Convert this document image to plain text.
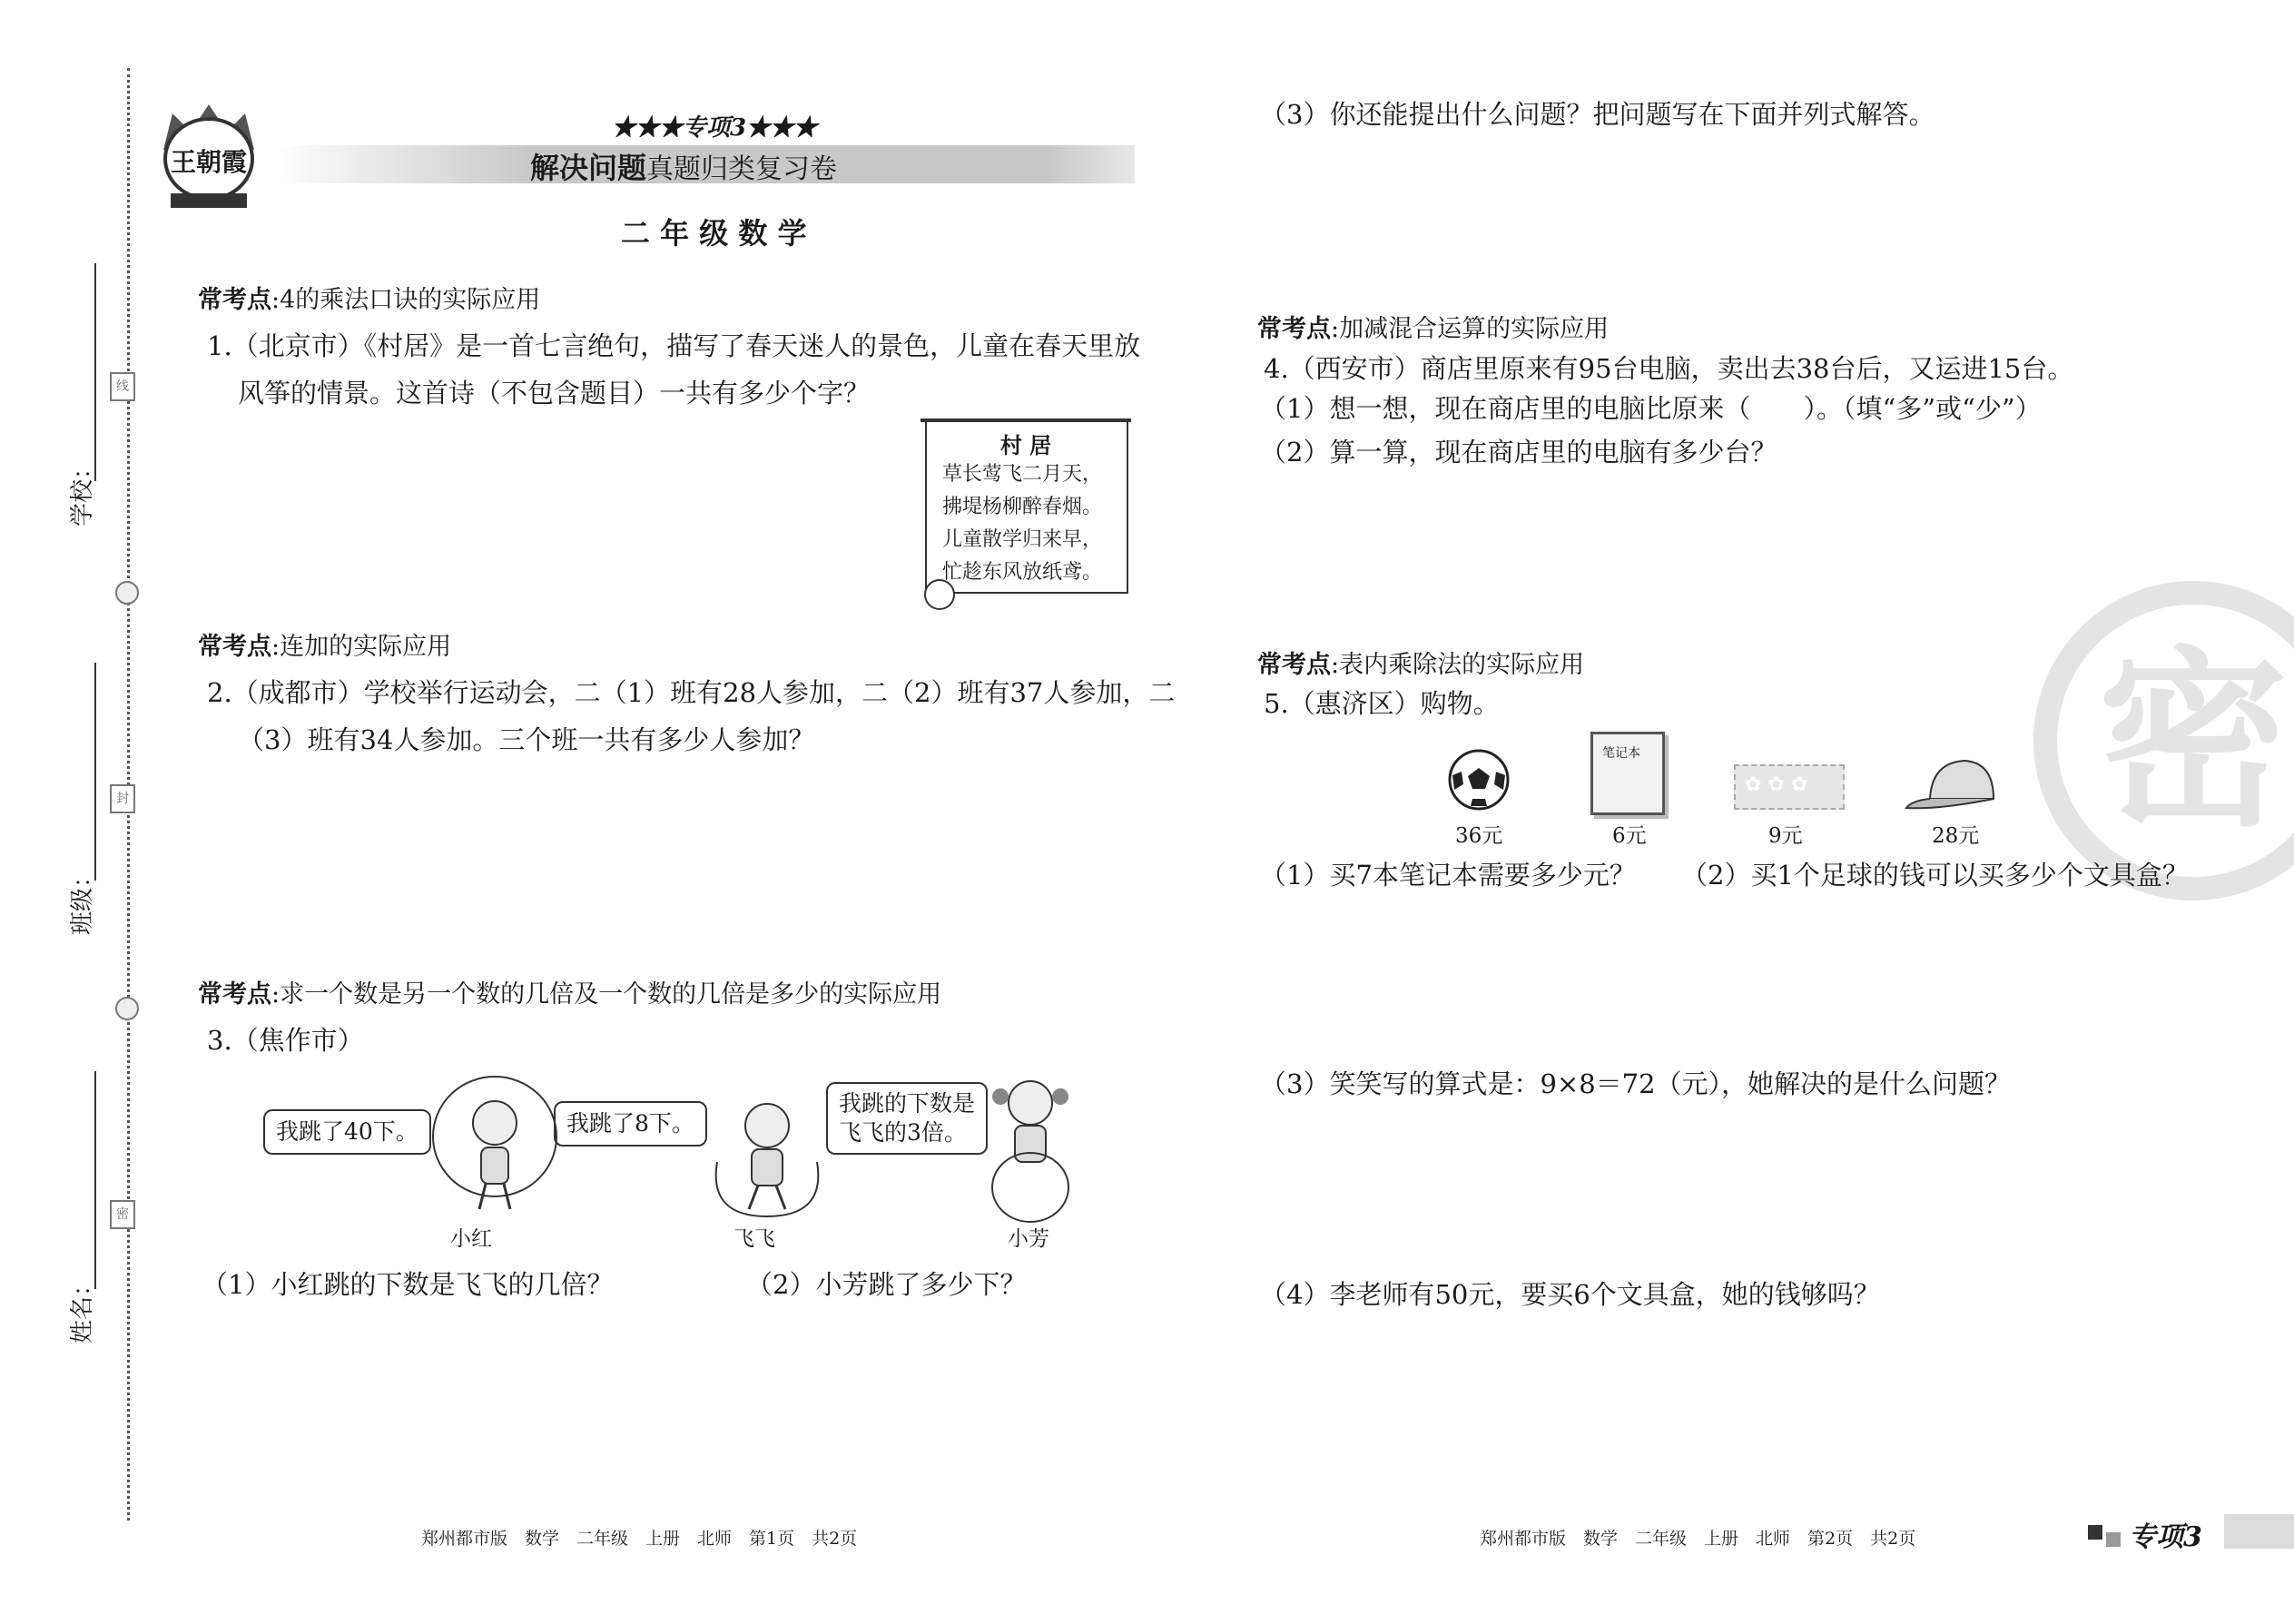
线
封
密
学校：
班级：
姓名：
王朝霞
★★★专项3★★★
解决问题真题归类复习卷
二 年 级 数 学
常考点:4的乘法口诀的实际应用
1.（北京市）《村居》是一首七言绝句，描写了春天迷人的景色，儿童在春天里放
风筝的情景。这首诗（不包含题目）一共有多少个字？
村 居
草长莺飞二月天，
拂堤杨柳醉春烟。
儿童散学归来早，
忙趁东风放纸鸢。
常考点:连加的实际应用
2.（成都市）学校举行运动会，二（1）班有28人参加，二（2）班有37人参加，二
（3）班有34人参加。三个班一共有多少人参加？
常考点:求一个数是另一个数的几倍及一个数的几倍是多少的实际应用
3.（焦作市）
我跳了40下。	我跳了8下。
我跳的下数是
飞飞的3倍。
小红	飞飞	小芳
（1）小红跳的下数是飞飞的几倍？	（2）小芳跳了多少下？
郑州都市版　数学　二年级　上册　北师　第1页　共2页
（3）你还能提出什么问题？把问题写在下面并列式解答。
常考点:加减混合运算的实际应用
4.（西安市）商店里原来有95台电脑，卖出去38台后，又运进15台。
（1）想一想，现在商店里的电脑比原来（　　）。（填“多”或“少”）
（2）算一算，现在商店里的电脑有多少台？
密
常考点:表内乘除法的实际应用
5.（惠济区）购物。
笔记本
✿ ✿ ✿
36元	6元	9元	28元
（1）买7本笔记本需要多少元？ （2）买1个足球的钱可以买多少个文具盒？
（3）笑笑写的算式是：9×8＝72（元），她解决的是什么问题？
（4）李老师有50元，要买6个文具盒，她的钱够吗？
郑州都市版　数学　二年级　上册　北师　第2页　共2页	专项3
